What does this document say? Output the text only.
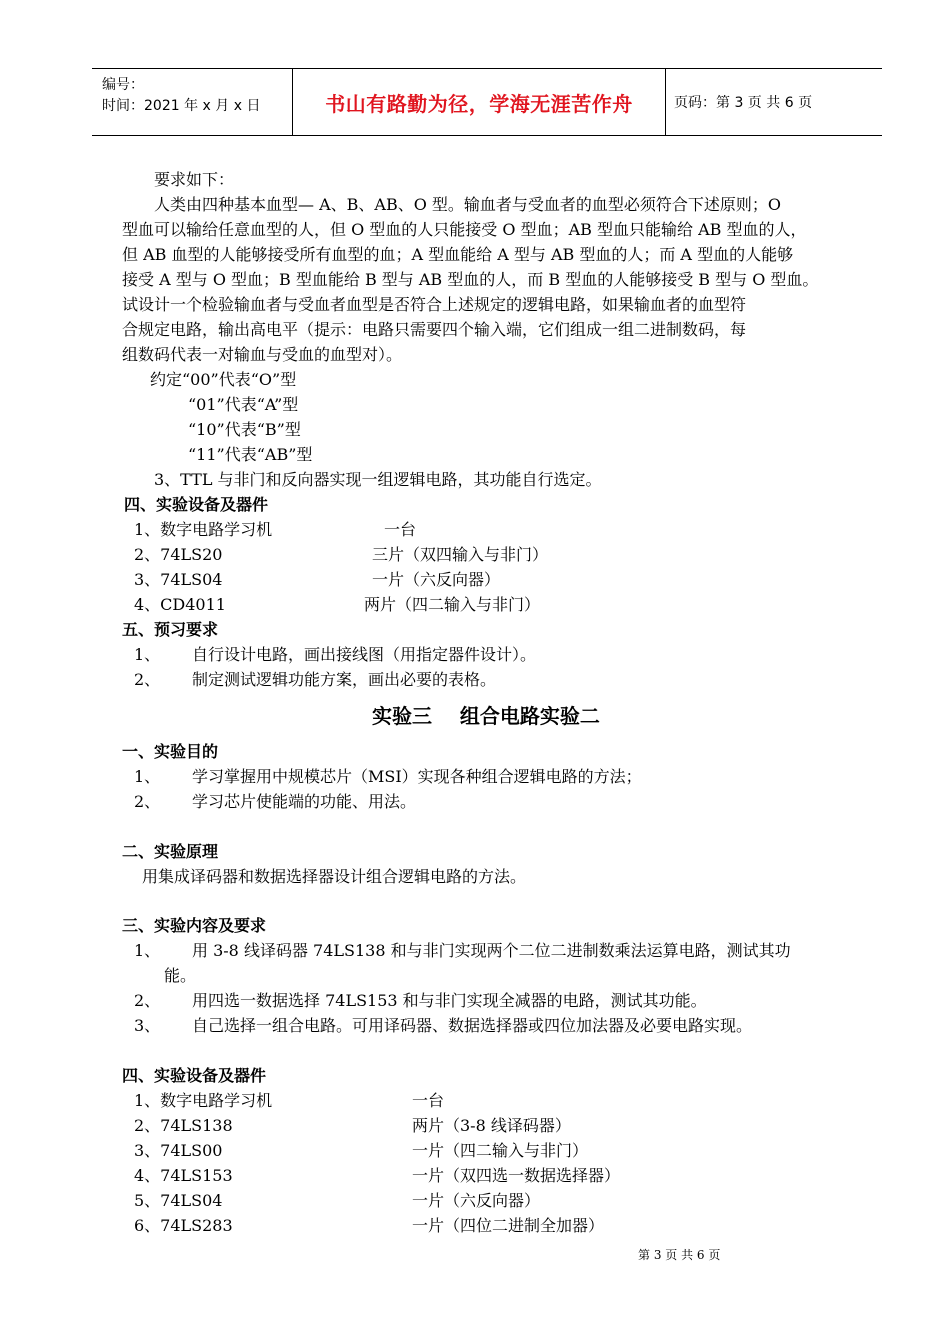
编号：
时间：2021 年 x 月 x 日	书山有路勤为径，学海无涯苦作舟	页码：第 3 页 共 6 页
要求如下：
人类由四种基本血型— A、B、AB、O 型。输血者与受血者的血型必须符合下述原则；O
型血可以输给任意血型的人，但 O 型血的人只能接受 O 型血；AB 型血只能输给 AB 型血的人，
但 AB 血型的人能够接受所有血型的血；A 型血能给 A 型与 AB 型血的人；而 A 型血的人能够
接受 A 型与 O 型血；B 型血能给 B 型与 AB 型血的人，而 B 型血的人能够接受 B 型与 O 型血。
试设计一个检验输血者与受血者血型是否符合上述规定的逻辑电路，如果输血者的血型符
合规定电路，输出高电平（提示：电路只需要四个输入端，它们组成一组二进制数码，每
组数码代表一对输血与受血的血型对）。
约定“00”代表“O”型
“01”代表“A”型
“10”代表“B”型
“11”代表“AB”型
3、TTL 与非门和反向器实现一组逻辑电路，其功能自行选定。
四、实验设备及器件
1、数字电路学习机	一台
2、74LS20	三片（双四输入与非门）
3、74LS04	一片（六反向器）
4、CD4011	两片（四二输入与非门）
五、预习要求
1、 自行设计电路，画出接线图（用指定器件设计）。
2、 制定测试逻辑功能方案，画出必要的表格。
实验三    组合电路实验二
一、实验目的
1、 学习掌握用中规模芯片（MSI）实现各种组合逻辑电路的方法；
2、 学习芯片使能端的功能、用法。
二、实验原理
用集成译码器和数据选择器设计组合逻辑电路的方法。
三、实验内容及要求
1、 用 3-8 线译码器 74LS138 和与非门实现两个二位二进制数乘法运算电路，测试其功
能。
2、 用四选一数据选择 74LS153 和与非门实现全减器的电路，测试其功能。
3、 自己选择一组合电路。可用译码器、数据选择器或四位加法器及必要电路实现。
四、实验设备及器件
1、数字电路学习机	一台
2、74LS138	两片（3-8 线译码器）
3、74LS00	一片（四二输入与非门）
4、74LS153	一片（双四选一数据选择器）
5、74LS04	一片（六反向器）
6、74LS283	一片（四位二进制全加器）
第 3 页 共 6 页
